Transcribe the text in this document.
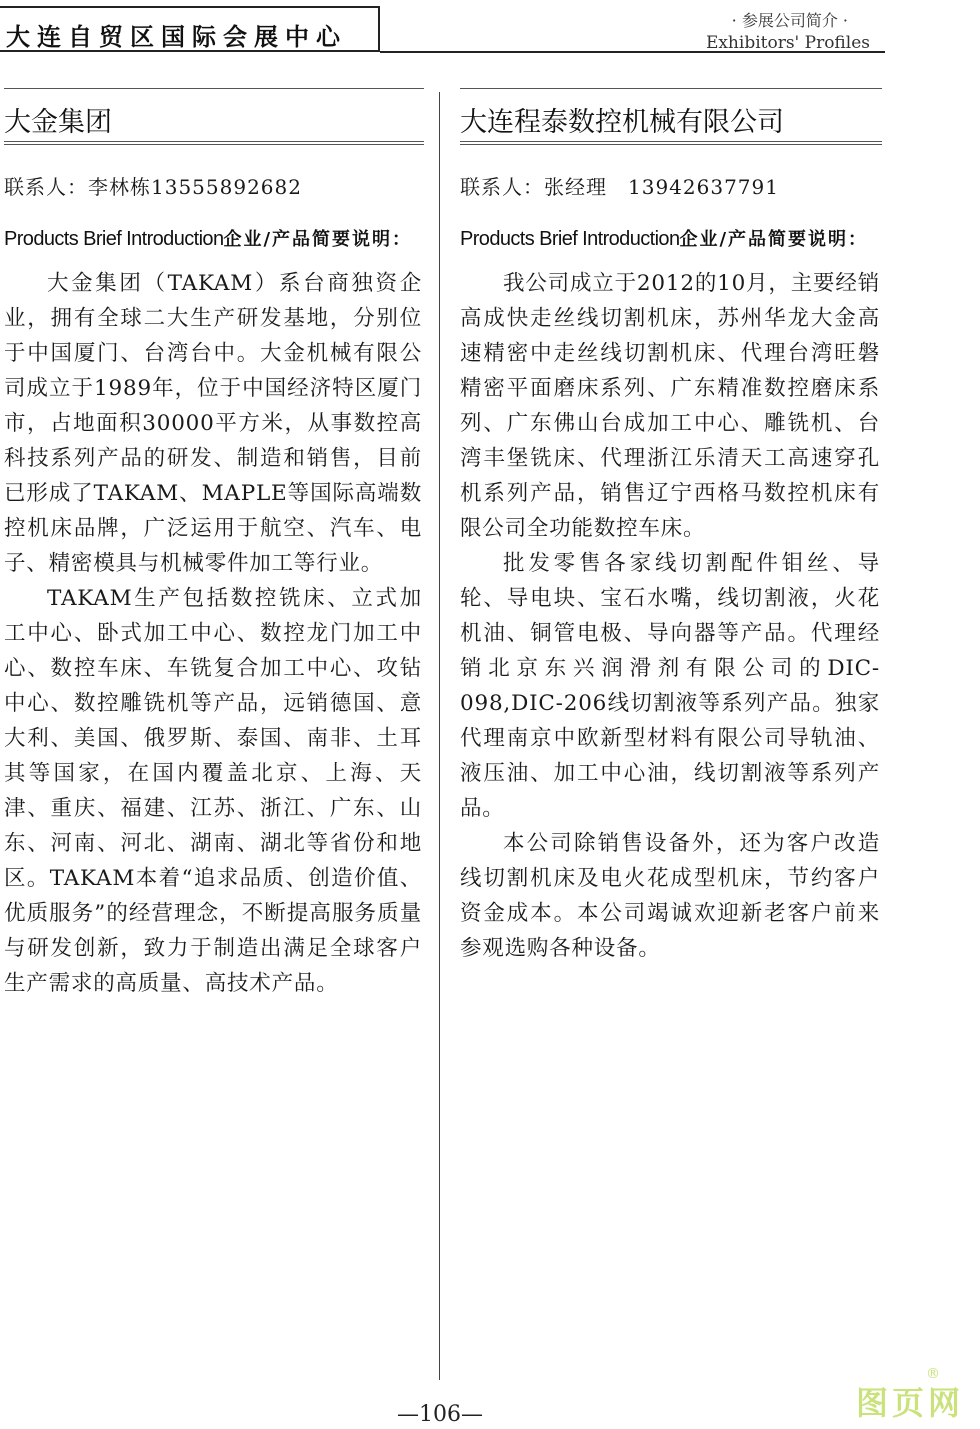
大连自贸区国际会展中心
· 参展公司简介 ·
Exhibitors' Profiles
大金集团
联系人：李林栋13555892682
Products Brief Introduction企业/产品简要说明：

大金集团（TAKAM）系台商独资企业，拥有全球二大生产研发基地，分别位于中国厦门、台湾台中。大金机械有限公司成立于1989年，位于中国经济特区厦门市，占地面积30000平方米，从事数控高科技系列产品的研发、制造和销售，目前已形成了TAKAM、MAPLE等国际高端数控机床品牌，广泛运用于航空、汽车、电子、精密模具与机械零件加工等行业。

TAKAM生产包括数控铣床、立式加工中心、卧式加工中心、数控龙门加工中心、数控车床、车铣复合加工中心、攻钻中心、数控雕铣机等产品，远销德国、意大利、美国、俄罗斯、泰国、南非、土耳其等国家，在国内覆盖北京、上海、天津、重庆、福建、江苏、浙江、广东、山东、河南、河北、湖南、湖北等省份和地区。TAKAM本着“追求品质、创造价值、优质服务”的经营理念，不断提高服务质量与研发创新，致力于制造出满足全球客户生产需求的高质量、高技术产品。

大连程泰数控机械有限公司
联系人：张经理　13942637791
Products Brief Introduction企业/产品简要说明：

我公司成立于2012的10月，主要经销高成快走丝线切割机床，苏州华龙大金高速精密中走丝线切割机床、代理台湾旺磐精密平面磨床系列、广东精准数控磨床系列、广东佛山台成加工中心、雕铣机、台湾丰堡铣床、代理浙江乐清天工高速穿孔机系列产品，销售辽宁西格马数控机床有限公司全功能数控车床。

批发零售各家线切割配件钼丝、导轮、导电块、宝石水嘴，线切割液，火花机油、铜管电极、导向器等产品。代理经销北京东兴润滑剂有限公司的DIC-098,DIC-206线切割液等系列产品。独家代理南京中欧新型材料有限公司导轨油、液压油、加工中心油，线切割液等系列产品。

本公司除销售设备外，还为客户改造线切割机床及电火花成型机床，节约客户资金成本。本公司竭诚欢迎新老客户前来参观选购各种设备。

—106—
®
图页网
